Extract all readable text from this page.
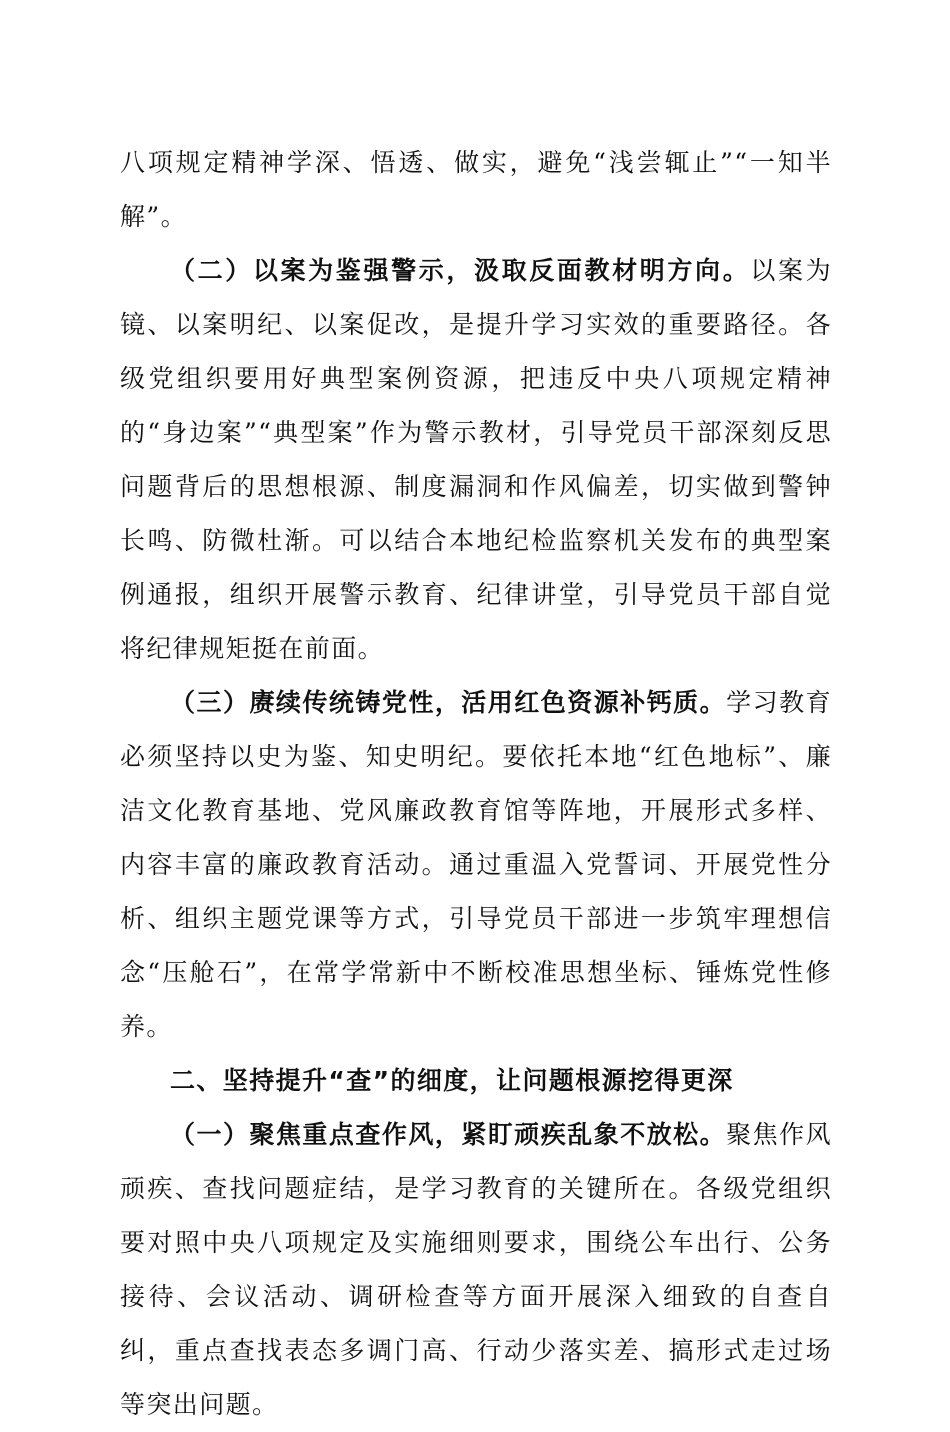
八项规定精神学深、悟透、做实，避免“浅尝辄止”“一知半解”。

（二）以案为鉴强警示，汲取反面教材明方向。以案为镜、以案明纪、以案促改，是提升学习实效的重要路径。各级党组织要用好典型案例资源，把违反中央八项规定精神的“身边案”“典型案”作为警示教材，引导党员干部深刻反思问题背后的思想根源、制度漏洞和作风偏差，切实做到警钟长鸣、防微杜渐。可以结合本地纪检监察机关发布的典型案例通报，组织开展警示教育、纪律讲堂，引导党员干部自觉将纪律规矩挺在前面。

（三）赓续传统铸党性，活用红色资源补钙质。学习教育必须坚持以史为鉴、知史明纪。要依托本地“红色地标”、廉洁文化教育基地、党风廉政教育馆等阵地，开展形式多样、内容丰富的廉政教育活动。通过重温入党誓词、开展党性分析、组织主题党课等方式，引导党员干部进一步筑牢理想信念“压舱石”，在常学常新中不断校准思想坐标、锤炼党性修养。

二、坚持提升“查”的细度，让问题根源挖得更深

（一）聚焦重点查作风，紧盯顽疾乱象不放松。聚焦作风顽疾、查找问题症结，是学习教育的关键所在。各级党组织要对照中央八项规定及实施细则要求，围绕公车出行、公务接待、会议活动、调研检查等方面开展深入细致的自查自纠，重点查找表态多调门高、行动少落实差、搞形式走过场等突出问题。
